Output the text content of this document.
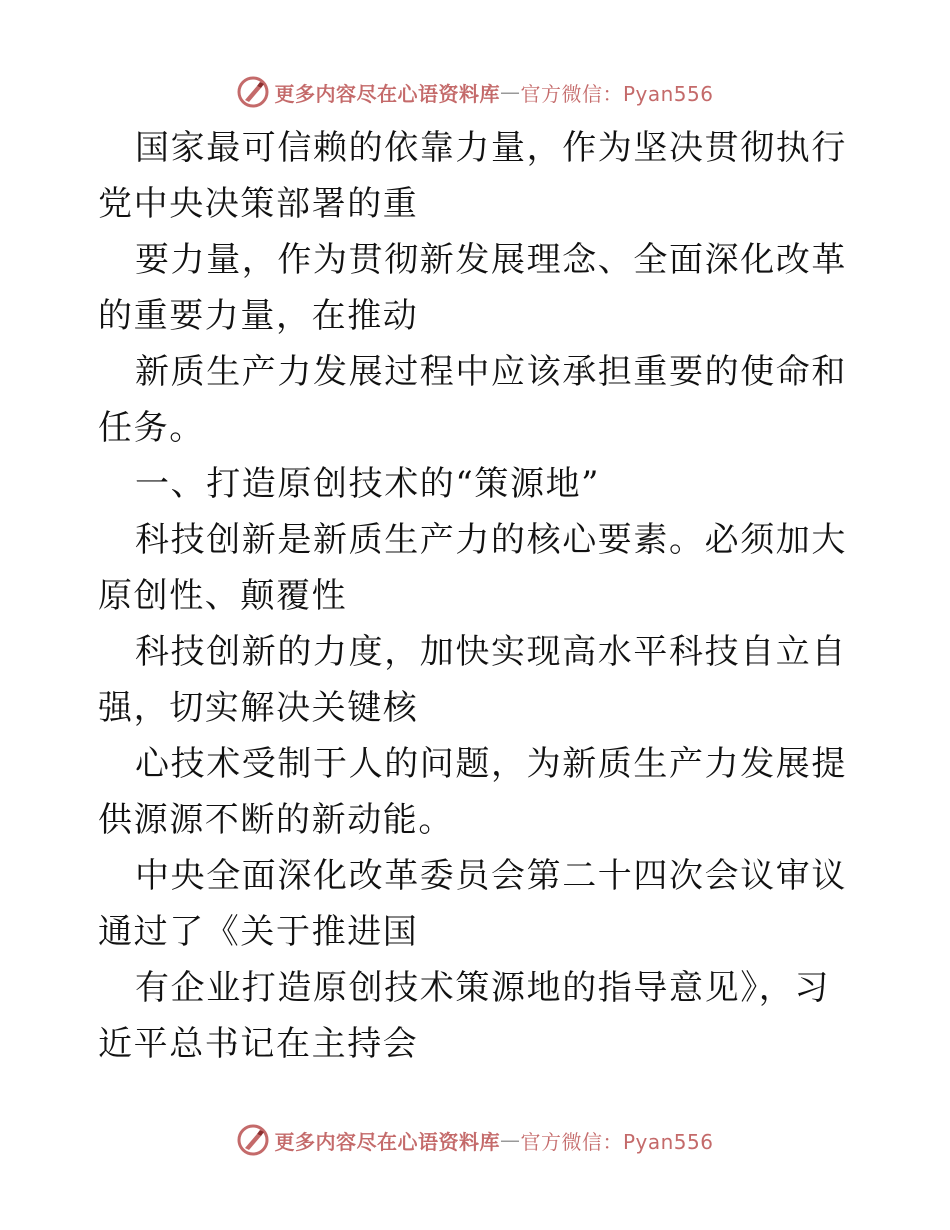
更多内容尽在心语资料库 — 官方微信：Pyan556

国家最可信赖的依靠力量，作为坚决贯彻执行党中央决策部署的重

要力量，作为贯彻新发展理念、全面深化改革的重要力量，在推动

新质生产力发展过程中应该承担重要的使命和任务。

一、打造原创技术的“策源地”

科技创新是新质生产力的核心要素。必须加大原创性、颠覆性

科技创新的力度，加快实现高水平科技自立自强，切实解决关键核

心技术受制于人的问题，为新质生产力发展提供源源不断的新动能。

中央全面深化改革委员会第二十四次会议审议通过了《关于推进国

有企业打造原创技术策源地的指导意见》，习近平总书记在主持会

更多内容尽在心语资料库 — 官方微信：Pyan556
